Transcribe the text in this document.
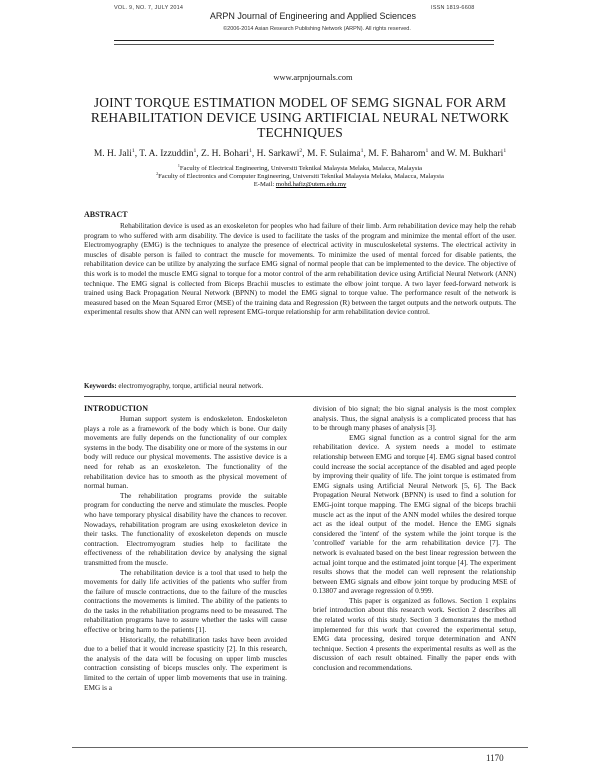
VOL. 9, NO. 7, JULY 2014	ISSN 1819-6608
ARPN Journal of Engineering and Applied Sciences
©2006-2014 Asian Research Publishing Network (ARPN). All rights reserved.
www.arpnjournals.com
JOINT TORQUE ESTIMATION MODEL OF SEMG SIGNAL FOR ARM REHABILITATION DEVICE USING ARTIFICIAL NEURAL NETWORK TECHNIQUES
M. H. Jali$^1$, T. A. Izzuddin$^1$, Z. H. Bohari$^1$, H. Sarkawi$^2$, M. F. Sulaima$^1$, M. F. Baharom$^1$ and W. M. Bukhari$^1$
$^1$Faculty of Electrical Engineering, Universiti Teknikal Malaysia Melaka, Malacca, Malaysia
$^2$Faculty of Electronics and Computer Engineering, Universiti Teknikal Malaysia Melaka, Malacca, Malaysia
E-Mail: mohd.hafiz@utem.edu.my
ABSTRACT
Rehabilitation device is used as an exoskeleton for peoples who had failure of their limb. Arm rehabilitation device may help the rehab program to who suffered with arm disability. The device is used to facilitate the tasks of the program and minimize the mental effort of the user. Electromyography (EMG) is the techniques to analyze the presence of electrical activity in musculoskeletal systems. The electrical activity in muscles of disable person is failed to contract the muscle for movements. To minimize the used of mental forced for disable patients, the rehabilitation device can be utilize by analyzing the surface EMG signal of normal people that can be implemented to the device. The objective of this work is to model the muscle EMG signal to torque for a motor control of the arm rehabilitation device using Artificial Neural Network (ANN) technique. The EMG signal is collected from Biceps Brachii muscles to estimate the elbow joint torque. A two layer feed-forward network is trained using Back Propagation Neural Network (BPNN) to model the EMG signal to torque value. The performance result of the network is measured based on the Mean Squared Error (MSE) of the training data and Regression (R) between the target outputs and the network outputs. The experimental results show that ANN can well represent EMG-torque relationship for arm rehabilitation device control.
Keywords: electromyography, torque, artificial neural network.
INTRODUCTION

Human support system is endoskeleton. Endoskeleton plays a role as a framework of the body which is bone. Our daily movements are fully depends on the functionality of our complex systems in the body. The disability one or more of the systems in our body will reduce our physical movements. The assistive device is a need for rehab as an exoskeleton. The functionality of the rehabilitation device has to smooth as the physical movement of normal human.

The rehabilitation programs provide the suitable program for conducting the nerve and stimulate the muscles. People who have temporary physical disability have the chances to recover. Nowadays, rehabilitation program are using exoskeleton device in their tasks. The functionality of exoskeleton depends on muscle contraction. Electromyogram studies help to facilitate the effectiveness of the rehabilitation device by analysing the signal transmitted from the muscle.

The rehabilitation device is a tool that used to help the movements for daily life activities of the patients who suffer from the failure of muscle contractions, due to the failure of the muscles contractions the movements is limited. The ability of the patients to do the tasks in the rehabilitation programs need to be measured. The rehabilitation programs have to assure whether the tasks will cause effective or bring harm to the patients [1].

Historically, the rehabilitation tasks have been avoided due to a belief that it would increase spasticity [2]. In this research, the analysis of the data will be focusing on upper limb muscles contraction consisting of biceps muscles only. The experiment is limited to the certain of upper limb movements that use in training. EMG is a

division of bio signal; the bio signal analysis is the most complex analysis. Thus, the signal analysis is a complicated process that has to be through many phases of analysis [3].

EMG signal function as a control signal for the arm rehabilitation device. A system needs a model to estimate relationship between EMG and torque [4]. EMG signal based control could increase the social acceptance of the disabled and aged people by improving their quality of life. The joint torque is estimated from EMG signals using Artificial Neural Network [5, 6]. The Back Propagation Neural Network (BPNN) is used to find a solution for EMG-joint torque mapping. The EMG signal of the biceps brachii muscle act as the input of the ANN model whiles the desired torque act as the ideal output of the model. Hence the EMG signals considered the 'intent' of the system while the joint torque is the 'controlled' variable for the arm rehabilitation device [7]. The network is evaluated based on the best linear regression between the actual joint torque and the estimated joint torque [4]. The experiment results shows that the model can well represent the relationship between EMG signals and elbow joint torque by producing MSE of 0.13807 and average regression of 0.999.

This paper is organized as follows. Section 1 explains brief introduction about this research work. Section 2 describes all the related works of this study. Section 3 demonstrates the method implemented for this work that covered the experimental setup, EMG data processing, desired torque determination and ANN technique. Section 4 presents the experimental results as well as the discussion of each result obtained. Finally the paper ends with conclusion and recommendations.

1170
